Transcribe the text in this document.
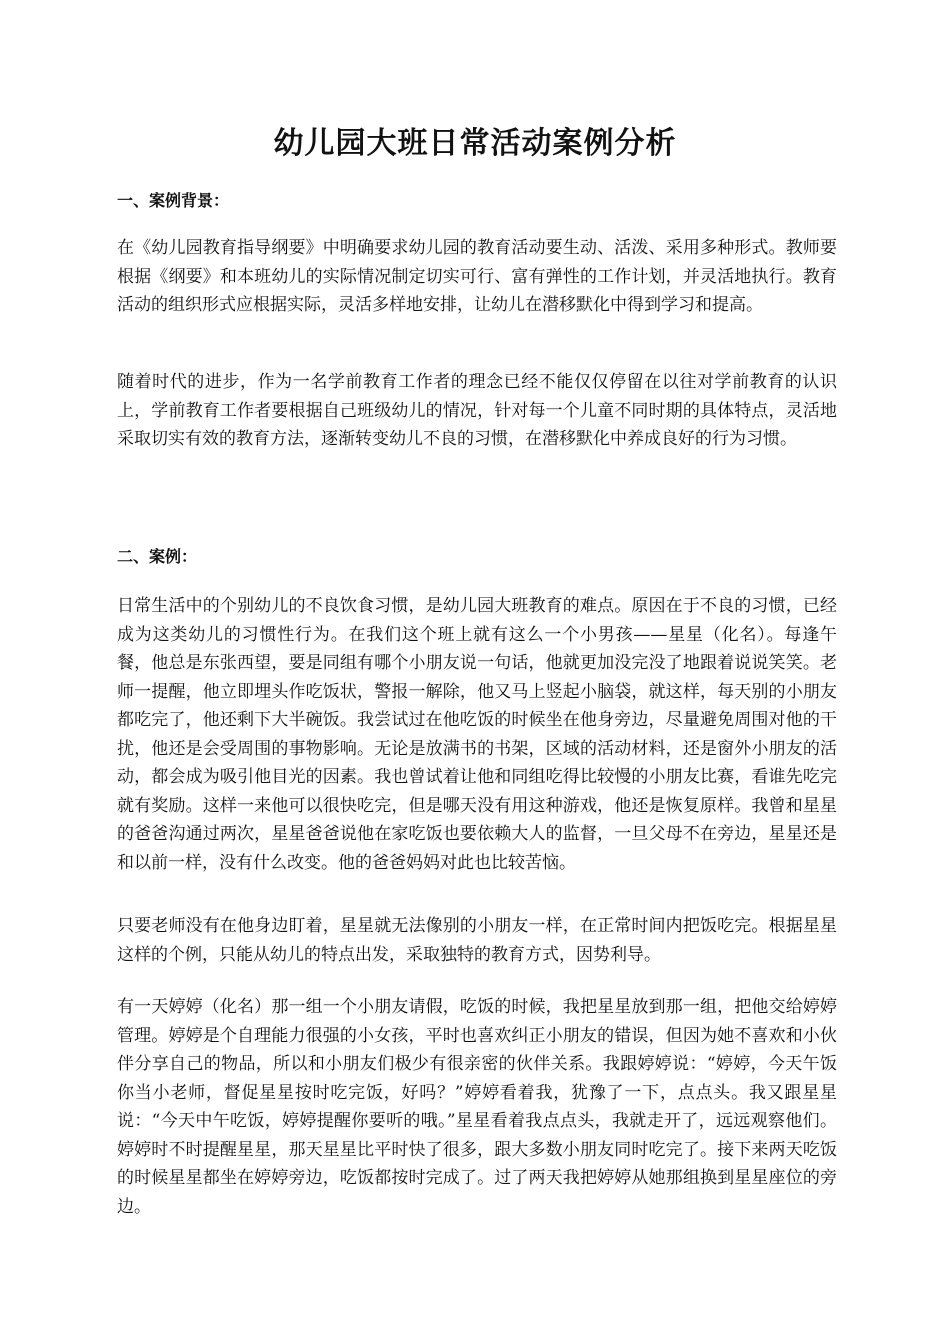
幼儿园大班日常活动案例分析
一、案例背景：

在《幼儿园教育指导纲要》中明确要求幼儿园的教育活动要生动、活泼、采用多种形式。教师要根据《纲要》和本班幼儿的实际情况制定切实可行、富有弹性的工作计划，并灵活地执行。教育活动的组织形式应根据实际，灵活多样地安排，让幼儿在潜移默化中得到学习和提高。

随着时代的进步，作为一名学前教育工作者的理念已经不能仅仅停留在以往对学前教育的认识上，学前教育工作者要根据自己班级幼儿的情况，针对每一个儿童不同时期的具体特点，灵活地采取切实有效的教育方法，逐渐转变幼儿不良的习惯，在潜移默化中养成良好的行为习惯。

二、案例：

日常生活中的个别幼儿的不良饮食习惯，是幼儿园大班教育的难点。原因在于不良的习惯，已经成为这类幼儿的习惯性行为。在我们这个班上就有这么一个小男孩——星星（化名）。每逢午餐，他总是东张西望，要是同组有哪个小朋友说一句话，他就更加没完没了地跟着说说笑笑。老师一提醒，他立即埋头作吃饭状，警报一解除，他又马上竖起小脑袋，就这样，每天别的小朋友都吃完了，他还剩下大半碗饭。我尝试过在他吃饭的时候坐在他身旁边，尽量避免周围对他的干扰，他还是会受周围的事物影响。无论是放满书的书架，区域的活动材料，还是窗外小朋友的活动，都会成为吸引他目光的因素。我也曾试着让他和同组吃得比较慢的小朋友比赛，看谁先吃完就有奖励。这样一来他可以很快吃完，但是哪天没有用这种游戏，他还是恢复原样。我曾和星星的爸爸沟通过两次，星星爸爸说他在家吃饭也要依赖大人的监督，一旦父母不在旁边，星星还是和以前一样，没有什么改变。他的爸爸妈妈对此也比较苦恼。

只要老师没有在他身边盯着，星星就无法像别的小朋友一样，在正常时间内把饭吃完。根据星星这样的个例，只能从幼儿的特点出发，采取独特的教育方式，因势利导。

有一天婷婷（化名）那一组一个小朋友请假，吃饭的时候，我把星星放到那一组，把他交给婷婷管理。婷婷是个自理能力很强的小女孩，平时也喜欢纠正小朋友的错误，但因为她不喜欢和小伙伴分享自己的物品，所以和小朋友们极少有很亲密的伙伴关系。我跟婷婷说：“婷婷，今天午饭你当小老师，督促星星按时吃完饭，好吗？”婷婷看着我，犹豫了一下，点点头。我又跟星星说：“今天中午吃饭，婷婷提醒你要听的哦。”星星看着我点点头，我就走开了，远远观察他们。婷婷时不时提醒星星，那天星星比平时快了很多，跟大多数小朋友同时吃完了。接下来两天吃饭的时候星星都坐在婷婷旁边，吃饭都按时完成了。过了两天我把婷婷从她那组换到星星座位的旁边。
